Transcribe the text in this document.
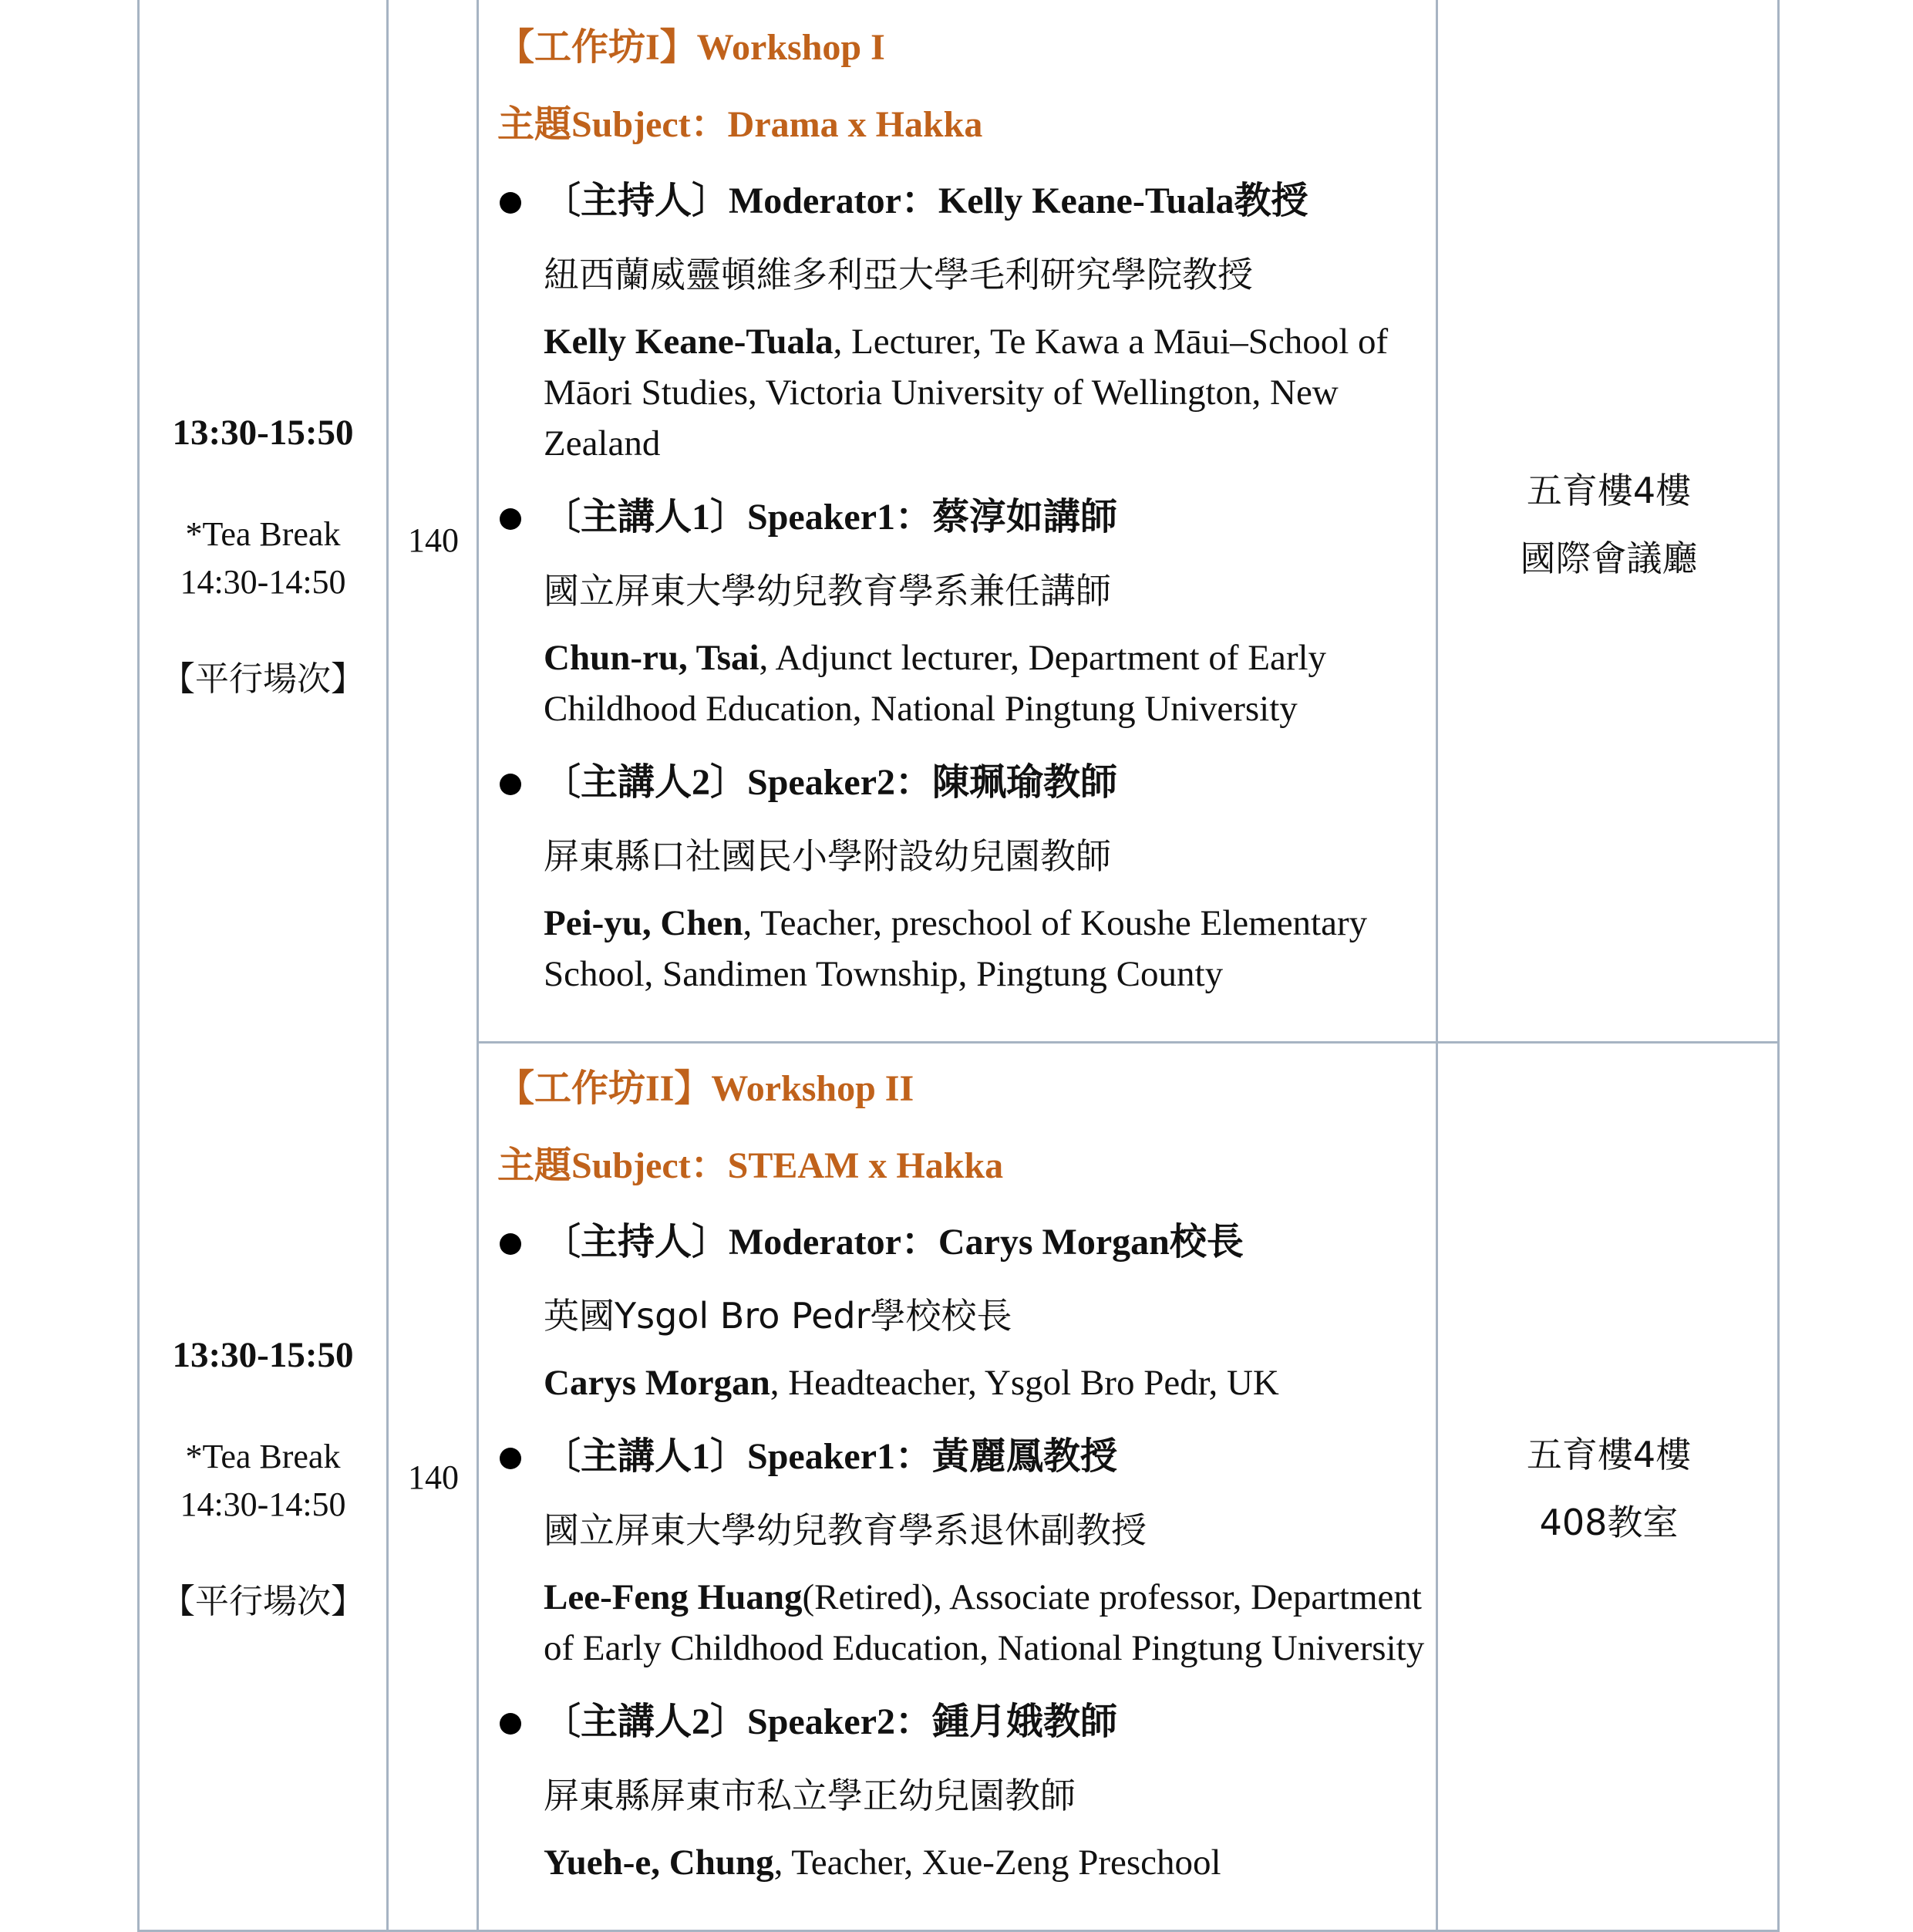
13:30-15:50
*Tea Break
14:30-14:50
【平行場次】
140
【工作坊I】Workshop I
主題Subject：Drama x Hakka
〔主持人〕Moderator：Kelly Keane-Tuala教授
紐西蘭威靈頓維多利亞大學毛利研究學院教授
Kelly Keane-Tuala, Lecturer, Te Kawa a Māui–School of Māori Studies, Victoria University of Wellington, New Zealand
〔主講人1〕Speaker1：蔡淳如講師
國立屏東大學幼兒教育學系兼任講師
Chun-ru, Tsai, Adjunct lecturer, Department of Early Childhood Education, National Pingtung University
〔主講人2〕Speaker2：陳珮瑜教師
屏東縣口社國民小學附設幼兒園教師
Pei-yu, Chen, Teacher, preschool of Koushe Elementary School, Sandimen Township, Pingtung County
五育樓4樓
國際會議廳
13:30-15:50
*Tea Break
14:30-14:50
【平行場次】
140
【工作坊II】Workshop II
主題Subject：STEAM x Hakka
〔主持人〕Moderator：Carys Morgan校長
英國Ysgol Bro Pedr學校校長
Carys Morgan, Headteacher, Ysgol Bro Pedr, UK
〔主講人1〕Speaker1：黃麗鳳教授
國立屏東大學幼兒教育學系退休副教授
Lee-Feng Huang(Retired), Associate professor, Department of Early Childhood Education, National Pingtung University
〔主講人2〕Speaker2：鍾月娥教師
屏東縣屏東市私立學正幼兒園教師
Yueh-e, Chung, Teacher, Xue-Zeng Preschool
五育樓4樓
408教室
